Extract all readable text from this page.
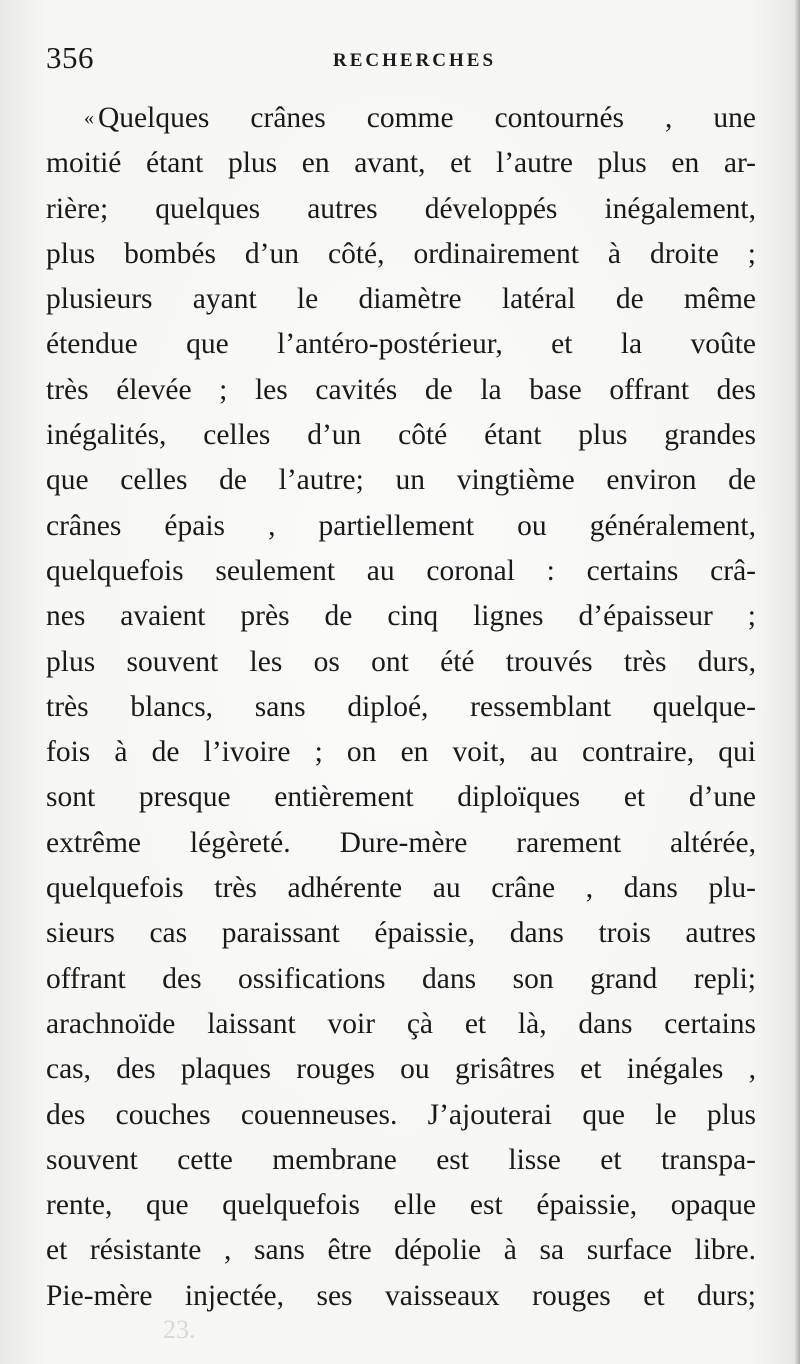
356	RECHERCHES
« Quelques crânes comme contournés , une
moitié étant plus en avant, et l’autre plus en ar-
rière; quelques autres développés inégalement,
plus bombés d’un côté, ordinairement à droite ;
plusieurs ayant le diamètre latéral de même
étendue que l’antéro-postérieur, et la voûte
très élevée ; les cavités de la base offrant des
inégalités, celles d’un côté étant plus grandes
que celles de l’autre; un vingtième environ de
crânes épais , partiellement ou généralement,
quelquefois seulement au coronal : certains crâ-
nes avaient près de cinq lignes d’épaisseur ;
plus souvent les os ont été trouvés très durs,
très blancs, sans diploé, ressemblant quelque-
fois à de l’ivoire ; on en voit, au contraire, qui
sont presque entièrement diploïques et d’une
extrême légèreté. Dure-mère rarement altérée,
quelquefois très adhérente au crâne , dans plu-
sieurs cas paraissant épaissie, dans trois autres
offrant des ossifications dans son grand repli;
arachnoïde laissant voir çà et là, dans certains
cas, des plaques rouges ou grisâtres et inégales ,
des couches couenneuses. J’ajouterai que le plus
souvent cette membrane est lisse et transpa-
rente, que quelquefois elle est épaissie, opaque
et résistante , sans être dépolie à sa surface libre.
Pie-mère injectée, ses vaisseaux rouges et durs;
23.
